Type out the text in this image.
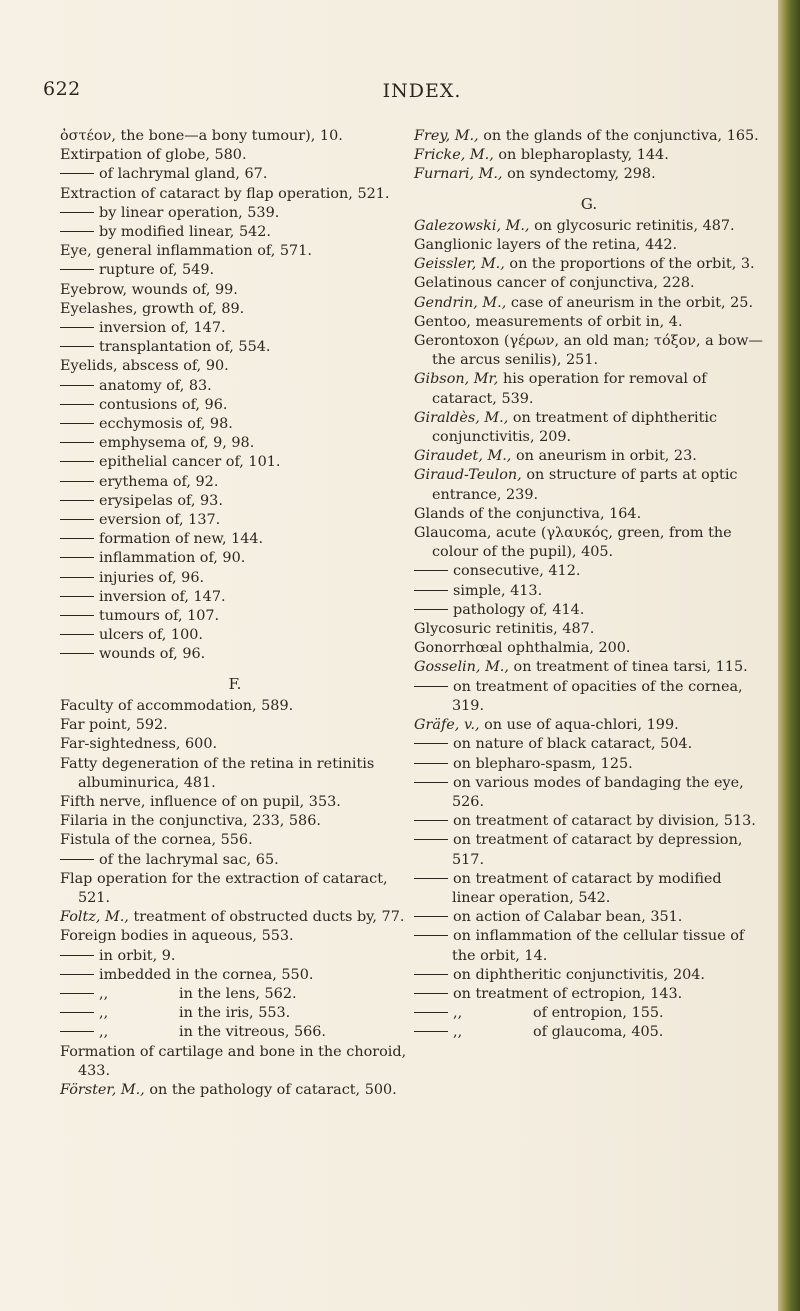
622	INDEX.
ὀστέον, the bone—a bony tumour), 10.
Extirpation of globe, 580.
of lachrymal gland, 67.
Extraction of cataract by flap operation, 521.
by linear operation, 539.
by modified linear, 542.
Eye, general inflammation of, 571.
rupture of, 549.
Eyebrow, wounds of, 99.
Eyelashes, growth of, 89.
inversion of, 147.
transplantation of, 554.
Eyelids, abscess of, 90.
anatomy of, 83.
contusions of, 96.
ecchymosis of, 98.
emphysema of, 9, 98.
epithelial cancer of, 101.
erythema of, 92.
erysipelas of, 93.
eversion of, 137.
formation of new, 144.
inflammation of, 90.
injuries of, 96.
inversion of, 147.
tumours of, 107.
ulcers of, 100.
wounds of, 96.
F.
Faculty of accommodation, 589.
Far point, 592.
Far-sightedness, 600.
Fatty degeneration of the retina in retinitis albuminurica, 481.
Fifth nerve, influence of on pupil, 353.
Filaria in the conjunctiva, 233, 586.
Fistula of the cornea, 556.
of the lachrymal sac, 65.
Flap operation for the extraction of cataract, 521.
Foltz, M., treatment of obstructed ducts by, 77.
Foreign bodies in aqueous, 553.
in orbit, 9.
imbedded in the cornea, 550.
,,	in the lens, 562.
,,	in the iris, 553.
,,	in the vitreous, 566.
Formation of cartilage and bone in the choroid, 433.
Förster, M., on the pathology of cataract, 500.
Frey, M., on the glands of the conjunctiva, 165.
Fricke, M., on blepharoplasty, 144.
Furnari, M., on syndectomy, 298.
G.
Galezowski, M., on glycosuric retinitis, 487.
Ganglionic layers of the retina, 442.
Geissler, M., on the proportions of the orbit, 3.
Gelatinous cancer of conjunctiva, 228.
Gendrin, M., case of aneurism in the orbit, 25.
Gentoo, measurements of orbit in, 4.
Gerontoxon (γέρων, an old man; τόξον, a bow—the arcus senilis), 251.
Gibson, Mr, his operation for removal of cataract, 539.
Giraldès, M., on treatment of diphtheritic conjunctivitis, 209.
Giraudet, M., on aneurism in orbit, 23.
Giraud-Teulon, on structure of parts at optic entrance, 239.
Glands of the conjunctiva, 164.
Glaucoma, acute (γλαυκός, green, from the colour of the pupil), 405.
consecutive, 412.
simple, 413.
pathology of, 414.
Glycosuric retinitis, 487.
Gonorrhœal ophthalmia, 200.
Gosselin, M., on treatment of tinea tarsi, 115.
on treatment of opacities of the cornea, 319.
Gräfe, v., on use of aqua-chlori, 199.
on nature of black cataract, 504.
on blepharo-spasm, 125.
on various modes of bandaging the eye, 526.
on treatment of cataract by division, 513.
on treatment of cataract by depression, 517.
on treatment of cataract by modified linear operation, 542.
on action of Calabar bean, 351.
on inflammation of the cellular tissue of the orbit, 14.
on diphtheritic conjunctivitis, 204.
on treatment of ectropion, 143.
,,	of entropion, 155.
,,	of glaucoma, 405.
